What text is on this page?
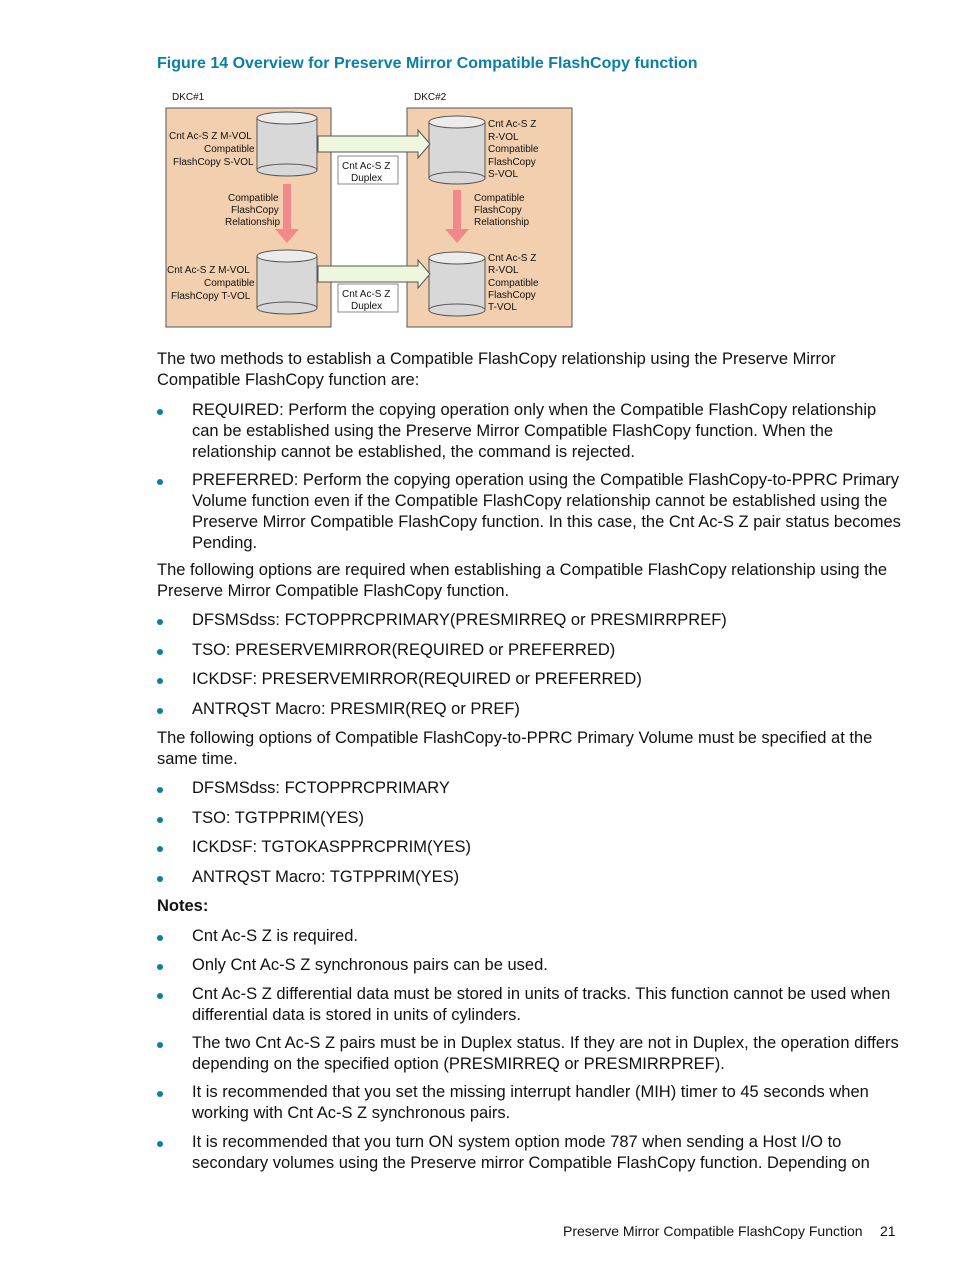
Figure 14 Overview for Preserve Mirror Compatible FlashCopy function
DKC#1	DKC#2
Cnt Ac-S Z M-VOL
Compatible
FlashCopy S-VOL
Compatible
FlashCopy
Relationship
Cnt Ac-S Z M-VOL
Compatible
FlashCopy T-VOL
Cnt Ac-S Z
Duplex
Cnt Ac-S Z
Duplex
Cnt Ac-S Z
R-VOL
Compatible
FlashCopy
S-VOL
Compatible
FlashCopy
Relationship
Cnt Ac-S Z
R-VOL
Compatible
FlashCopy
T-VOL

The two methods to establish a Compatible FlashCopy relationship using the Preserve Mirror Compatible FlashCopy function are:

REQUIRED: Perform the copying operation only when the Compatible FlashCopy relationship can be established using the Preserve Mirror Compatible FlashCopy function. When the relationship cannot be established, the command is rejected.

PREFERRED: Perform the copying operation using the Compatible FlashCopy-to-PPRC Primary Volume function even if the Compatible FlashCopy relationship cannot be established using the Preserve Mirror Compatible FlashCopy function. In this case, the Cnt Ac-S Z pair status becomes Pending.

The following options are required when establishing a Compatible FlashCopy relationship using the Preserve Mirror Compatible FlashCopy function.

DFSMSdss: FCTOPPRCPRIMARY(PRESMIRREQ or PRESMIRRPREF)

TSO: PRESERVEMIRROR(REQUIRED or PREFERRED)

ICKDSF: PRESERVEMIRROR(REQUIRED or PREFERRED)

ANTRQST Macro: PRESMIR(REQ or PREF)

The following options of Compatible FlashCopy-to-PPRC Primary Volume must be specified at the same time.

DFSMSdss: FCTOPPRCPRIMARY

TSO: TGTPPRIM(YES)

ICKDSF: TGTOKASPPRCPRIM(YES)

ANTRQST Macro: TGTPPRIM(YES)

Notes:

Cnt Ac-S Z is required.

Only Cnt Ac-S Z synchronous pairs can be used.

Cnt Ac-S Z differential data must be stored in units of tracks. This function cannot be used when differential data is stored in units of cylinders.

The two Cnt Ac-S Z pairs must be in Duplex status. If they are not in Duplex, the operation differs depending on the specified option (PRESMIRREQ or PRESMIRRPREF).

It is recommended that you set the missing interrupt handler (MIH) timer to 45 seconds when working with Cnt Ac-S Z synchronous pairs.

It is recommended that you turn ON system option mode 787 when sending a Host I/O to secondary volumes using the Preserve mirror Compatible FlashCopy function. Depending on

Preserve Mirror Compatible FlashCopy Function 21
